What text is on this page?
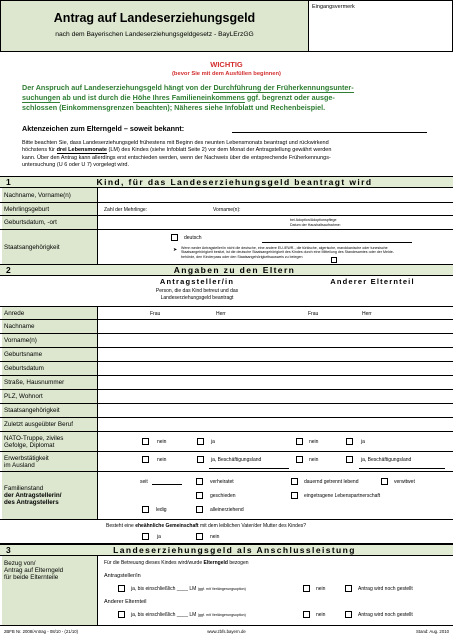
Antrag auf Landeserziehungsgeld
nach dem Bayerischen Landeserziehungsgeldgesetz - BayLErzGG
Eingangsvermerk
WICHTIG
(bevor Sie mit dem Ausfüllen beginnen)
Der Anspruch auf Landeserziehungsgeld hängt von der Durchführung der Früherkennungsunter-
suchungen ab und ist durch die Höhe Ihres Familieneinkommens ggf. begrenzt oder ausge-
schlossen (Einkommensgrenzen beachten); Näheres siehe Infoblatt und Rechenbeispiel.
Aktenzeichen zum Elterngeld – soweit bekannt:
Bitte beachten Sie, dass Landeserziehungsgeld frühestens mit Beginn des neunten Lebensmonats beantragt und rückwirkend
höchstens für drei Lebensmonate (LM) des Kindes (siehe Infoblatt Seite 2) vor dem Monat der Antragstellung gewährt werden
kann. Über den Antrag kann allerdings erst entschieden werden, wenn der Nachweis über die entsprechende Früherkennungs-
untersuchung (U 6 oder U 7) vorgelegt wird.
1	Kind, für das Landeserziehungsgeld beantragt wird
Nachname, Vorname(n)
Mehrlingsgeburt	Zahl der Mehrlinge:	Vorname(n):
Geburtsdatum, -ort	bei Adoption/Adoptionspflege
Datum der Haushaltsaufnahme:
Staatsangehörigkeit
deutsch
➤ Wenn weder Antragsteller/in nicht die deutsche, eine andere EU-/EWR-, die türkische, algerische, marokkanische oder tunesische
Staatsangehörigkeit besitzt, ist die deutsche Staatsangehörigkeit des Kindes durch eine Mitteilung des Standesamtes oder der Melde-
behörde, den Kinderpass oder den Staatsangehörigkeitsausweis zu belegen
2	Angaben zu den Eltern
Antragsteller/in
Person, die das Kind betreut und das
Landeserziehungsgeld beantragt
Anderer Elternteil
Anrede	Frau	Herr	Frau	Herr
Nachname
Vorname(n)
Geburtsname
Geburtsdatum
Straße, Hausnummer
PLZ, Wohnort
Staatsangehörigkeit
Zuletzt ausgeübter Beruf
NATO-Truppe, ziviles
Gefolge, Diplomat	nein	ja	nein	ja
Erwerbstätigkeit
im Ausland
nein	ja, Beschäftigungsland	nein	ja, Beschäftigungsland
Familienstand
der Antragstellerin/
des Antragstellers
seit	verheiratet	dauernd getrennt lebend	verwitwet
geschieden	eingetragene Lebenspartnerschaft
ledig	alleinerziehend
Besteht eine eheähnliche Gemeinschaft mit dem leiblichen Vater/der Mutter des Kindes?
ja	nein
3	Landeserziehungsgeld als Anschlussleistung
Bezug von/
Antrag auf Elterngeld
für beide Elternteile
Für die Betreuung dieses Kindes wird/wurde Elterngeld bezogen
Antragsteller/in
ja, bis einschließlich ____ LM (ggf. mit Verlängerungsoption)	nein	Antrag wird noch gestellt
Anderer Elternteil
ja, bis einschließlich ____ LM (ggf. mit Verlängerungsoption)	nein	Antrag wird noch gestellt
2BFB Nr. 2008/Antrag - 08/10 - (21/10)	www.zbfs.bayern.de	Stand: Aug. 2010
